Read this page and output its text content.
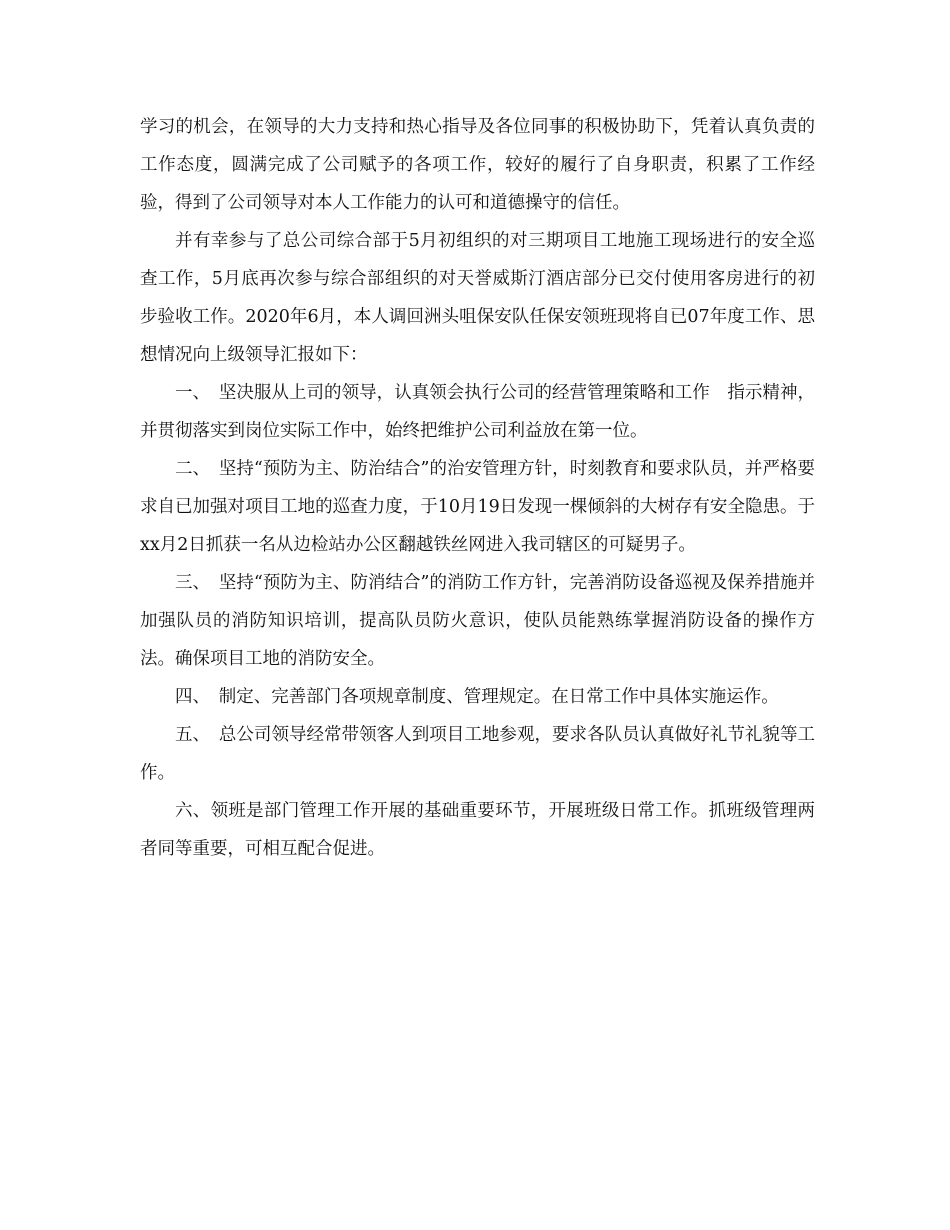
学习的机会，在领导的大力支持和热心指导及各位同事的积极协助下，凭着认真负责的工作态度，圆满完成了公司赋予的各项工作，较好的履行了自身职责，积累了工作经验，得到了公司领导对本人工作能力的认可和道德操守的信任。

并有幸参与了总公司综合部于5月初组织的对三期项目工地施工现场进行的安全巡查工作，5月底再次参与综合部组织的对天誉威斯汀酒店部分已交付使用客房进行的初步验收工作。2020年6月，本人调回洲头咀保安队任保安领班现将自已07年度工作、思想情况向上级领导汇报如下：

一、　坚决服从上司的领导，认真领会执行公司的经营管理策略和工作　指示精神，并贯彻落实到岗位实际工作中，始终把维护公司利益放在第一位。

二、　坚持“预防为主、防治结合”的治安管理方针，时刻教育和要求队员，并严格要求自已加强对项目工地的巡查力度，于10月19日发现一棵倾斜的大树存有安全隐患。于xx月2日抓获一名从边检站办公区翻越铁丝网进入我司辖区的可疑男子。

三、　坚持“预防为主、防消结合”的消防工作方针，完善消防设备巡视及保养措施并加强队员的消防知识培训，提高队员防火意识，使队员能熟练掌握消防设备的操作方法。确保项目工地的消防安全。

四、　制定、完善部门各项规章制度、管理规定。在日常工作中具体实施运作。

五、　总公司领导经常带领客人到项目工地参观，要求各队员认真做好礼节礼貌等工作。

六、领班是部门管理工作开展的基础重要环节，开展班级日常工作。抓班级管理两者同等重要，可相互配合促进。
